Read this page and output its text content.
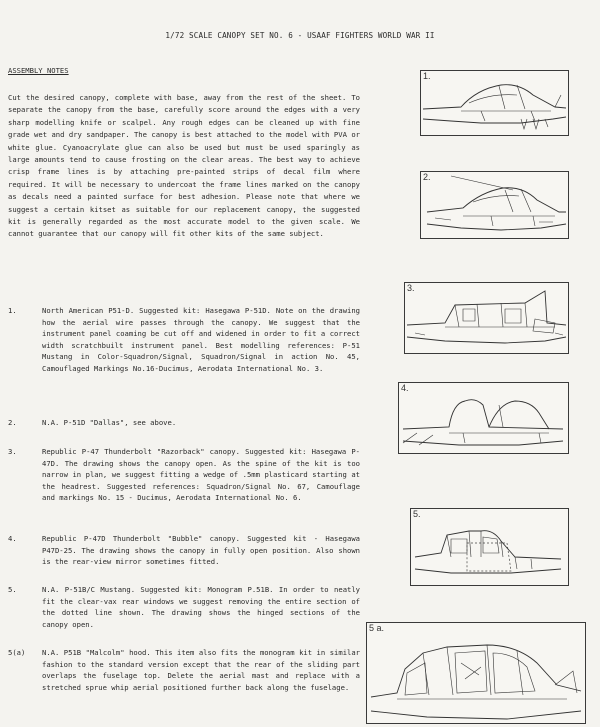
1/72 SCALE CANOPY SET NO. 6 - USAAF FIGHTERS WORLD WAR II
ASSEMBLY NOTES

Cut the desired canopy, complete with base, away from the rest of the sheet. To separate the canopy from the base, carefully score around the edges with a very sharp modelling knife or scalpel. Any rough edges can be cleaned up with fine grade wet and dry sandpaper. The canopy is best attached to the model with PVA or white glue. Cyanoacrylate glue can also be used but must be used sparingly as large amounts tend to cause frosting on the clear areas. The best way to achieve crisp frame lines is by attaching pre-painted strips of decal film where required. It will be necessary to undercoat the frame lines marked on the canopy as decals need a painted surface for best adhesion. Please note that where we suggest a certain kitset as suitable for our replacement canopy, the suggested kit is generally regarded as the most accurate model to the given scale. We cannot guarantee that our canopy will fit other kits of the same subject.

1.	North American P51-D. Suggested kit: Hasegawa P-51D. Note on the drawing how the aerial wire passes through the canopy. We suggest that the instrument panel coaming be cut off and widened in order to fit a correct width scratchbuilt instrument panel. Best modelling references: P-51 Mustang in Color-Squadron/Signal, Squadron/Signal in action No. 45, Camouflaged Markings No.16-Ducimus, Aerodata International No. 3.
2.	N.A. P-51D "Dallas", see above.
3.	Republic P-47 Thunderbolt "Razorback" canopy. Suggested kit: Hasegawa P-47D. The drawing shows the canopy open. As the spine of the kit is too narrow in plan, we suggest fitting a wedge of .5mm plasticard starting at the headrest. Suggested references: Squadron/Signal No. 67, Camouflage and markings No. 15 - Ducimus, Aerodata International No. 6.
4.	Republic P-47D Thunderbolt "Bubble" canopy. Suggested kit - Hasegawa P47D-25. The drawing shows the canopy in fully open position. Also shown is the rear-view mirror sometimes fitted.
5.	N.A. P-51B/C Mustang. Suggested kit: Monogram P.51B. In order to neatly fit the clear-vax rear windows we suggest removing the entire section of the dotted line shown. The drawing shows the hinged sections of the canopy open.
5(a)	N.A. P51B "Malcolm" hood. This item also fits the monogram kit in similar fashion to the standard version except that the rear of the sliding part overlaps the fuselage top. Delete the aerial mast and replace with a stretched sprue whip aerial positioned further back along the fuselage.
1.
2.
3.
4.
5.
5 a.
